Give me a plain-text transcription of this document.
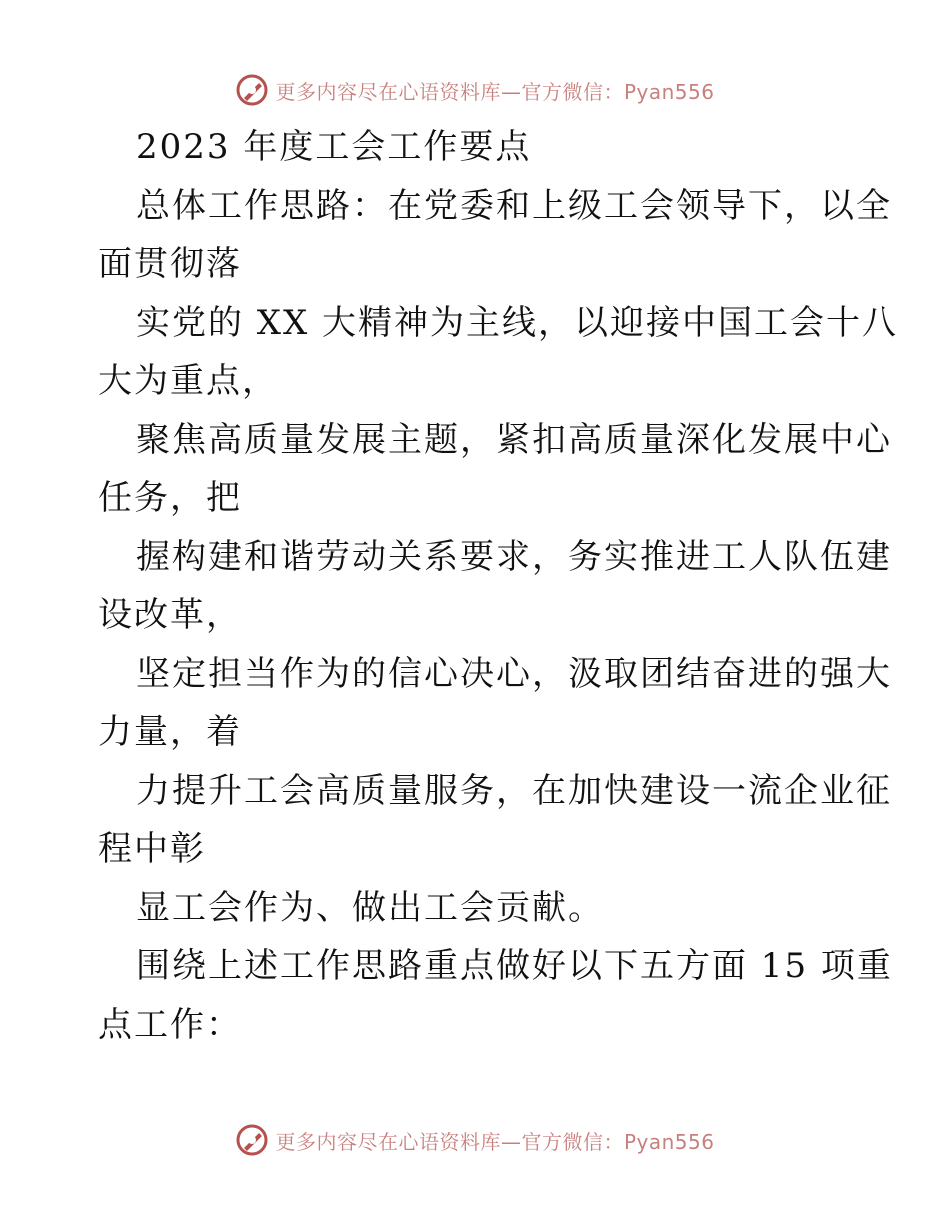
更多内容尽在心语资料库—官方微信：Pyan556
2023 年度工会工作要点
总体工作思路：在党委和上级工会领导下，以全
面贯彻落
实党的 XX 大精神为主线，以迎接中国工会十八
大为重点，
聚焦高质量发展主题，紧扣高质量深化发展中心
任务，把
握构建和谐劳动关系要求，务实推进工人队伍建
设改革，
坚定担当作为的信心决心，汲取团结奋进的强大
力量，着
力提升工会高质量服务，在加快建设一流企业征
程中彰
显工会作为、做出工会贡献。
围绕上述工作思路重点做好以下五方面 15 项重
点工作：
更多内容尽在心语资料库—官方微信：Pyan556
